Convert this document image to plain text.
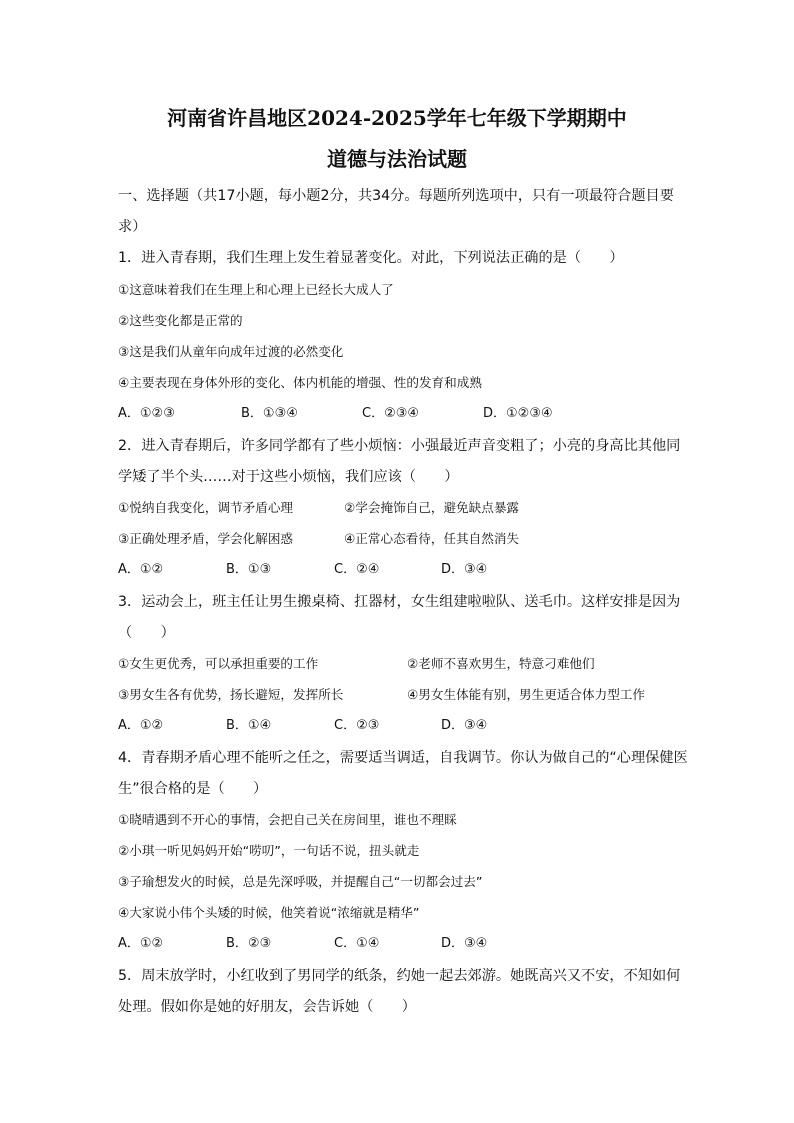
河南省许昌地区2024-2025学年七年级下学期期中
道德与法治试题
一、选择题（共17小题，每小题2分，共34分。每题所列选项中，只有一项最符合题目要
求）
1．进入青春期，我们生理上发生着显著变化。对此，下列说法正确的是（　　）
①这意味着我们在生理上和心理上已经长大成人了
②这些变化都是正常的
③这是我们从童年向成年过渡的必然变化
④主要表现在身体外形的变化、体内机能的增强、性的发育和成熟
A．①②③	B．①③④	C．②③④	D．①②③④
2．进入青春期后，许多同学都有了些小烦恼：小强最近声音变粗了；小亮的身高比其他同
学矮了半个头……对于这些小烦恼，我们应该（　　）
①悦纳自我变化，调节矛盾心理	②学会掩饰自己，避免缺点暴露
③正确处理矛盾，学会化解困惑	④正常心态看待，任其自然消失
A．①②	B．①③	C．②④	D．③④
3．运动会上，班主任让男生搬桌椅、扛器材，女生组建啦啦队、送毛巾。这样安排是因为
（　　）
①女生更优秀，可以承担重要的工作	②老师不喜欢男生，特意刁难他们
③男女生各有优势，扬长避短，发挥所长	④男女生体能有别，男生更适合体力型工作
A．①②	B．①④	C．②③	D．③④
4．青春期矛盾心理不能听之任之，需要适当调适，自我调节。你认为做自己的“心理保健医
生”很合格的是（　　）
①晓晴遇到不开心的事情，会把自己关在房间里，谁也不理睬
②小琪一听见妈妈开始“唠叨”，一句话不说，扭头就走
③子瑜想发火的时候，总是先深呼吸，并提醒自己“一切都会过去”
④大家说小伟个头矮的时候，他笑着说“浓缩就是精华”
A．①②	B．②③	C．①④	D．③④
5．周末放学时，小红收到了男同学的纸条，约她一起去郊游。她既高兴又不安，不知如何
处理。假如你是她的好朋友，会告诉她（　　）
